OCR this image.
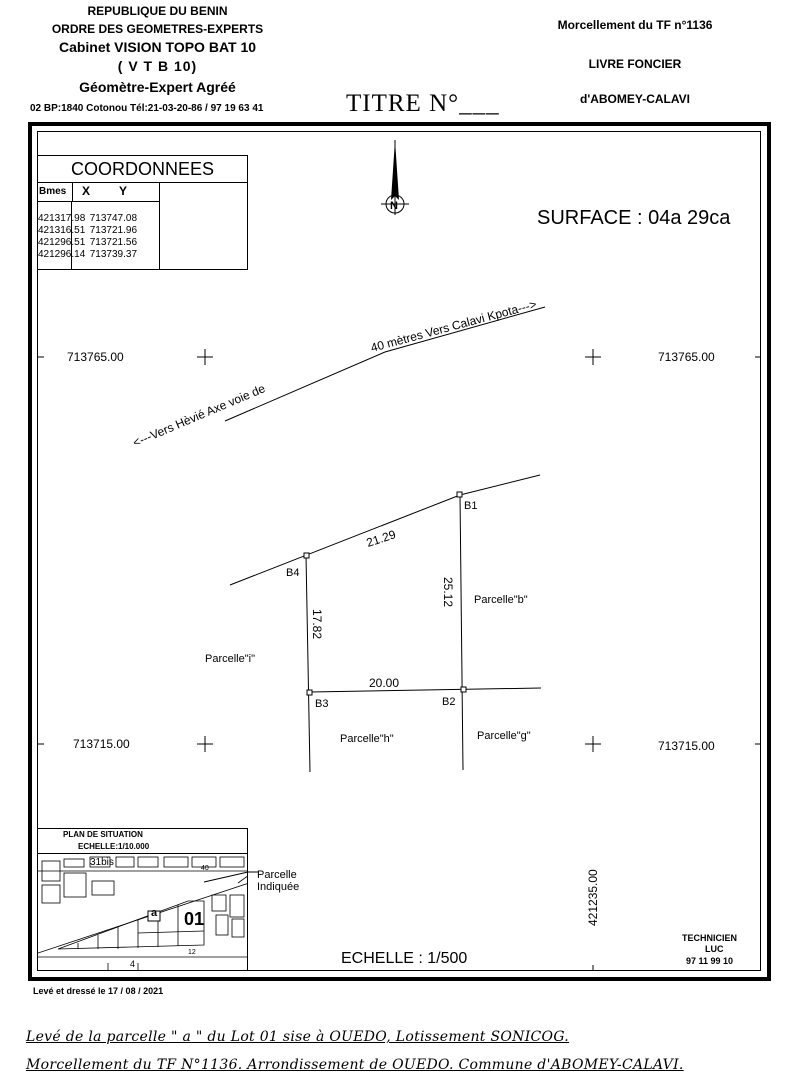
REPUBLIQUE DU BENIN
ORDRE DES GEOMETRES-EXPERTS
Cabinet VISION TOPO BAT 10
( V T B 10)
Géomètre-Expert Agréé
02 BP:1840 Cotonou Tél:21-03-20-86 / 97 19 63 41	TITRE N°___
Morcellement du TF n°1136
LIVRE FONCIER
d'ABOMEY-CALAVI
COORDONNEES
Bmes	X Y
421317.98 713747.08
421316.51 713721.96
421296.51 713721.56
421296.14 713739.37
SURFACE : 04a 29ca
N
40 mètres Vers Calavi Kpota--->
<---Vers Hèvié Axe voie de
B1
B4
B3	B2
21.29
25.12
17.82
20.00
Parcelle"b"
Parcelle"i"
Parcelle"h"	Parcelle"g"
713765.00	713765.00
713715.00	713715.00
421235.00
PLAN DE SITUATION
ECHELLE:1/10.000
31bis
40
a 01
12
4
Parcelle
Indiquée
ECHELLE : 1/500
TECHNICIEN
LUC
97 11 99 10
Levé et dressé le 17 / 08 / 2021
Levé de la parcelle " a " du Lot 01 sise à OUEDO, Lotissement SONICOG.
Morcellement du TF N°1136. Arrondissement de OUEDO. Commune d'ABOMEY-CALAVI.
